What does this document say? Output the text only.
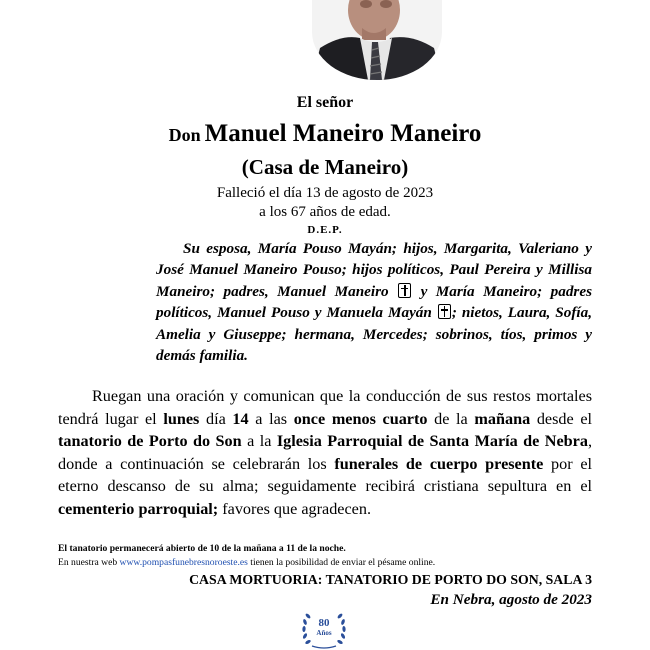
El señor
Don Manuel Maneiro Maneiro
(Casa de Maneiro)
Falleció el día 13 de agosto de 2023
a los 67 años de edad.
D.E.P.
Su esposa, María Pouso Mayán; hijos, Margarita, Valeriano y José Manuel Maneiro Pouso; hijos políticos, Paul Pereira y Millisa Maneiro; padres, Manuel Maneiro y María Maneiro; padres políticos, Manuel Pouso y Manuela Mayán ; nietos, Laura, Sofía, Amelia y Giuseppe; hermana, Mercedes; sobrinos, tíos, primos y demás familia.
Ruegan una oración y comunican que la conducción de sus restos mortales tendrá lugar el lunes día 14 a las once menos cuarto de la mañana desde el tanatorio de Porto do Son a la Iglesia Parroquial de Santa María de Nebra, donde a continuación se celebrarán los funerales de cuerpo presente por el eterno descanso de su alma; seguidamente recibirá cristiana sepultura en el cementerio parroquial; favores que agradecen.
El tanatorio permanecerá abierto de 10 de la mañana a 11 de la noche.
En nuestra web www.pompasfunebresnoroeste.es tienen la posibilidad de enviar el pésame online.
CASA MORTUORIA: TANATORIO DE PORTO DO SON, SALA 3
En Nebra, agosto de 2023
80
Años
